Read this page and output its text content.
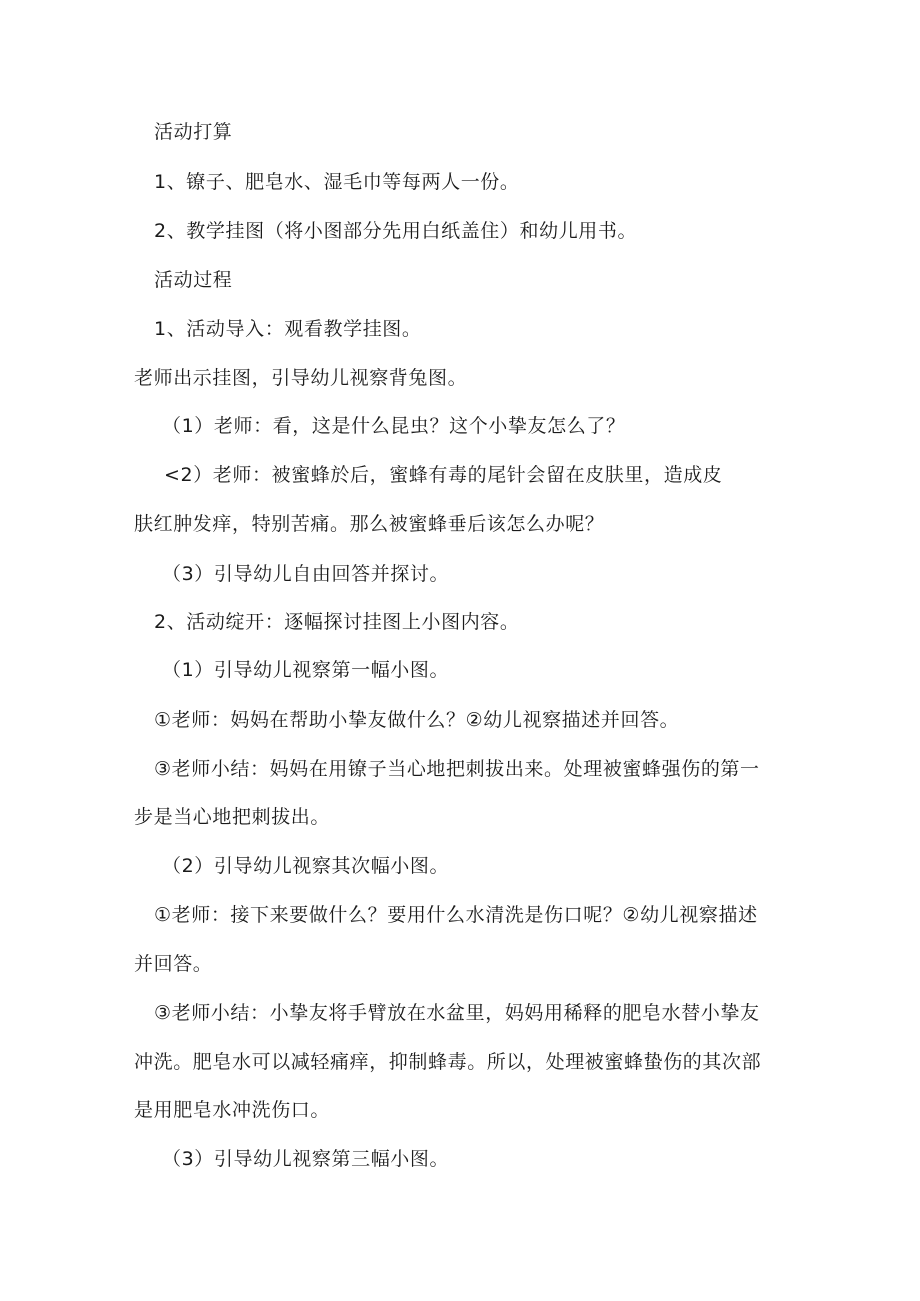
活动打算
1、镣子、肥皂水、湿毛巾等每两人一份。
2、教学挂图（将小图部分先用白纸盖住）和幼儿用书。
活动过程
1、活动导入：观看教学挂图。
老师出示挂图，引导幼儿视察背兔图。
（1）老师：看，这是什么昆虫？这个小挚友怎么了？
<2）老师：被蜜蜂於后，蜜蜂有毒的尾针会留在皮肤里，造成皮
肤红肿发痒，特别苦痛。那么被蜜蜂垂后该怎么办呢？
（3）引导幼儿自由回答并探讨。
2、活动绽开：逐幅探讨挂图上小图内容。
（1）引导幼儿视察第一幅小图。
①老师：妈妈在帮助小挚友做什么？②幼儿视察描述并回答。
③老师小结：妈妈在用镣子当心地把刺拔出来。处理被蜜蜂强伤的第一
步是当心地把刺拔出。
（2）引导幼儿视察其次幅小图。
①老师：接下来要做什么？要用什么水清洗是伤口呢？②幼儿视察描述
并回答。
③老师小结：小挚友将手臂放在水盆里，妈妈用稀释的肥皂水替小挚友
冲洗。肥皂水可以减轻痛痒，抑制蜂毒。所以，处理被蜜蜂蛰伤的其次部
是用肥皂水冲洗伤口。
（3）引导幼儿视察第三幅小图。
